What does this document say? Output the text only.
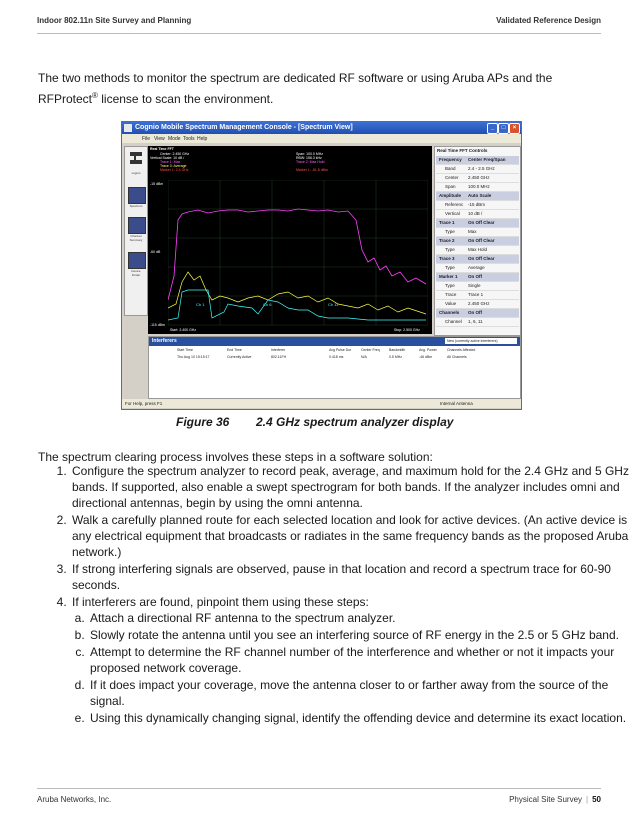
Indoor 802.11n Site Survey and Planning	Validated Reference Design
The two methods to monitor the spectrum are dedicated RF software or using Aruba APs and the RFProtect® license to scan the environment.
Cognio Mobile Spectrum Management Console - [Spectrum View]	_	□	×
File View Mode Tools Help
cognio
Spectrum
Channel Summary
Device Finder
Real Time FFT
Center: 2.450 GHz
Vertical Scale: 10 dB /
Trace 1: Max
Trace 3: Average
Marker 1: 2.4 GHz
Span: 100.0 MHz
RBW: 156.3 kHz
Trace 2: Max Hold
Marker 1: -81.8 dBm
-15 dBm
-60 dB
-115 dBm
Ch 1	Ch 6	Ch 11
Start: 2.400 GHz	Stop: 2.500 GHz
Real Time FFT Controls
Frequency Center Freq/Span
Band	2.4 - 2.5 GHz
Center 2.450 GHz
Span	100.0 MHz
Amplitude Auto Scale
Referenc -15 dBm
Vertical 10 dB /
Trace 1	On Off Clear
Type	Max
Trace 2	On Off Clear
Type	Max Hold
Trace 3	On Off Clear
Type	Average
Marker 1 On Off
Type	Single
Trace	Trace 1
Value	2.450 GHz
Channels On Off
Channel 1, 6, 11
Interferers	New (currently active interferers)
Start Time	End Time	Interferer	Avg Pulse Dur	Center Freq	Bandwidth	Avg. Power	Channels Affected
Thu Aug 10 15:15:17	Currently Active	802.11FH	0.418 ms	N/A	0.5 MHz	-46 dBm	All Channels
For Help, press F1	Internal Antenna
Figure 36 2.4 GHz spectrum analyzer display
The spectrum clearing process involves these steps in a software solution:
1. Configure the spectrum analyzer to record peak, average, and maximum hold for the 2.4 GHz and 5 GHz bands. If supported, also enable a swept spectrogram for both bands. If the analyzer includes omni and directional antennas, begin by using the omni antenna.
2. Walk a carefully planned route for each selected location and look for active devices. (An active device is any electrical equipment that broadcasts or radiates in the same frequency bands as the proposed Aruba network.)
3. If strong interfering signals are observed, pause in that location and record a spectrum trace for 60-90 seconds.
4. If interferers are found, pinpoint them using these steps:
a. Attach a directional RF antenna to the spectrum analyzer.
b. Slowly rotate the antenna until you see an interfering source of RF energy in the 2.5 or 5 GHz band.
c. Attempt to determine the RF channel number of the interference and whether or not it impacts your proposed network coverage.
d. If it does impact your coverage, move the antenna closer to or farther away from the source of the signal.
e. Using this dynamically changing signal, identify the offending device and determine its exact location.
Aruba Networks, Inc.	Physical Site Survey | 50
